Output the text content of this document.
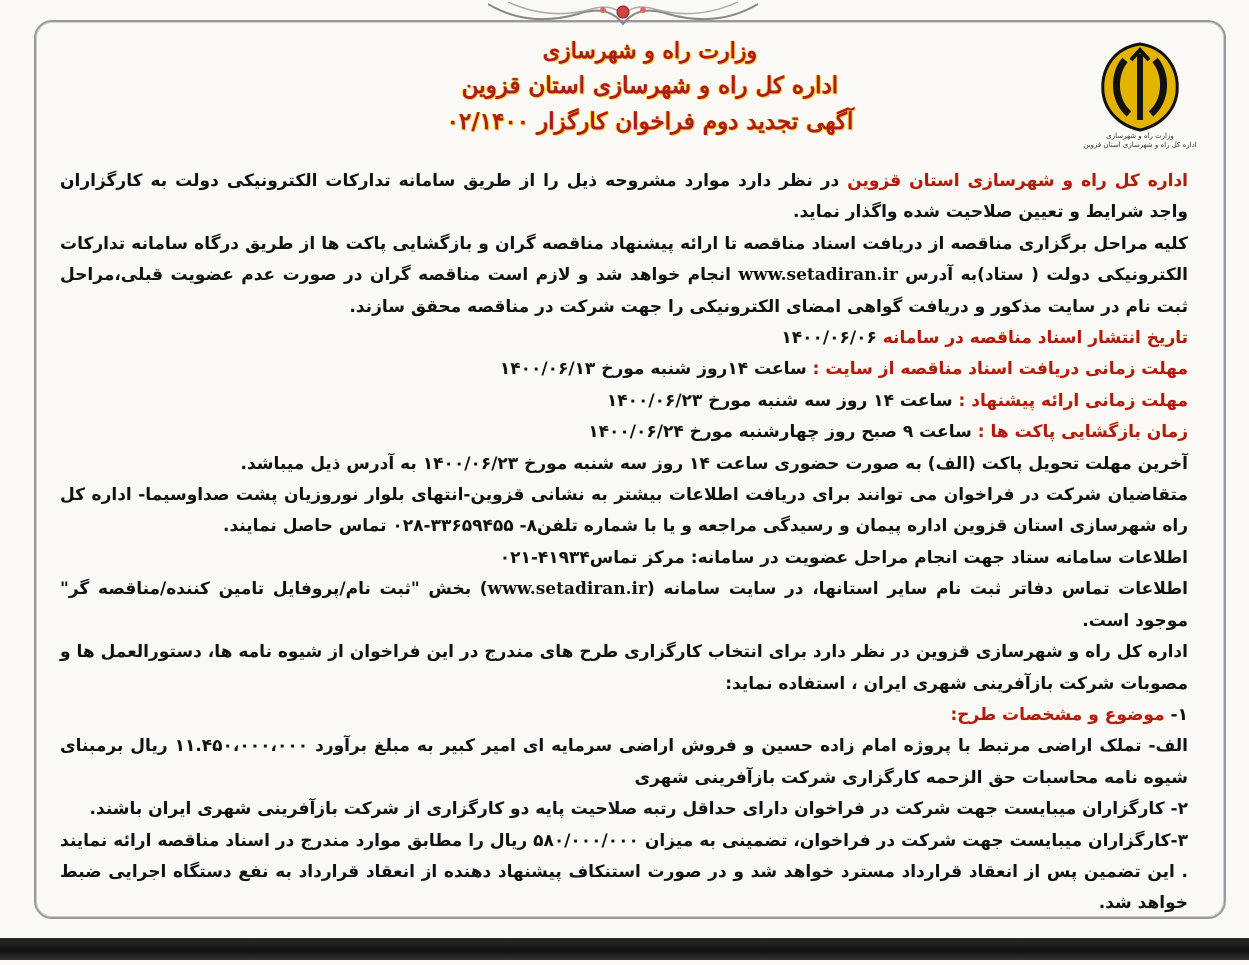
وزارت راه و شهرسازی
اداره کل راه و شهرسازی استان قزوین
وزارت راه و شهرسازی
اداره کل راه و شهرسازی استان قزوین
آگهی تجدید دوم فراخوان کارگزار ۰۲/۱۴۰۰

اداره کل راه و شهرسازی استان قزوین در نظر دارد موارد مشروحه ذیل را از طریق سامانه تدارکات الکترونیکی دولت به کارگزاران واجد شرایط و تعیین صلاحیت شده واگذار نماید.

کلیه مراحل برگزاری مناقصه از دریافت اسناد مناقصه تا ارائه پیشنهاد مناقصه گران و بازگشایی پاکت ها از طریق درگاه سامانه تدارکات الکترونیکی دولت ( ستاد)به آدرس www.setadiran.ir انجام خواهد شد و لازم است مناقصه گران در صورت عدم عضویت قبلی،مراحل ثبت نام در سایت مذکور و دریافت گواهی امضای الکترونیکی را جهت شرکت در مناقصه محقق سازند.

تاریخ انتشار اسناد مناقصه در سامانه ۱۴۰۰/۰۶/۰۶

مهلت زمانی دریافت اسناد مناقصه از سایت : ساعت ۱۴روز شنبه مورخ ۱۴۰۰/۰۶/۱۳

مهلت زمانی ارائه پیشنهاد : ساعت ۱۴ روز سه شنبه مورخ ۱۴۰۰/۰۶/۲۳

زمان بازگشایی پاکت ها : ساعت ۹ صبح روز چهارشنبه مورخ ۱۴۰۰/۰۶/۲۴

آخرین مهلت تحویل پاکت (الف) به صورت حضوری ساعت ۱۴ روز سه شنبه مورخ ۱۴۰۰/۰۶/۲۳ به آدرس ذیل میباشد.

متقاضیان شرکت در فراخوان می توانند برای دریافت اطلاعات بیشتر به نشانی قزوین-انتهای بلوار نوروزیان پشت صداوسیما- اداره کل راه شهرسازی استان قزوین اداره پیمان و رسیدگی مراجعه و یا با شماره تلفن۸- ۳۳۶۵۹۴۵۵-۰۲۸ تماس حاصل نمایند.

اطلاعات سامانه ستاد جهت انجام مراحل عضویت در سامانه: مرکز تماس۴۱۹۳۴-۰۲۱

اطلاعات تماس دفاتر ثبت نام سایر استانها، در سایت سامانه (www.setadiran.ir) بخش "ثبت نام/پروفایل تامین کننده/مناقصه گر" موجود است.

اداره کل راه و شهرسازی قزوین در نظر دارد برای انتخاب کارگزاری طرح های مندرج در این فراخوان از شیوه نامه ها، دستورالعمل ها و مصوبات شرکت بازآفرینی شهری ایران ، استفاده نماید:

۱- موضوع و مشخصات طرح:

الف- تملک اراضی مرتبط با پروژه امام زاده حسین و فروش اراضی سرمایه ای امیر کبیر به مبلغ برآورد ۱۱.۴۵۰،۰۰۰،۰۰۰ ریال برمبنای شیوه نامه محاسبات حق الزحمه کارگزاری شرکت بازآفرینی شهری

۲- کارگزاران میبایست جهت شرکت در فراخوان دارای حداقل رتبه صلاحیت پایه دو کارگزاری از شرکت بازآفرینی شهری ایران باشند.

۳-کارگزاران میبایست جهت شرکت در فراخوان، تضمینی به میزان ۵۸۰/۰۰۰/۰۰۰ ریال را مطابق موارد مندرج در اسناد مناقصه ارائه نمایند . این تضمین پس از انعقاد قرارداد مسترد خواهد شد و در صورت استنکاف پیشنهاد دهنده از انعقاد قرارداد به نفع دستگاه اجرایی ضبط خواهد شد.
